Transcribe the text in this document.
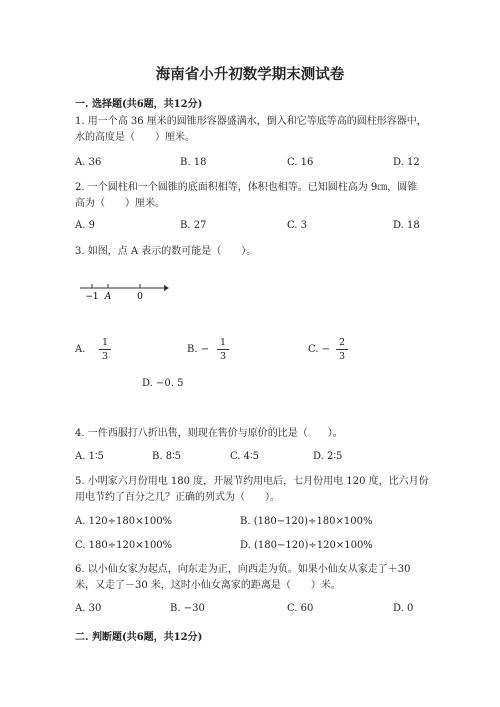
海南省小升初数学期末测试卷
一. 选择题(共6题，共12分)
1. 用一个高 36 厘米的圆锥形容器盛满水，倒入和它等底等高的圆柱形容器中，
水的高度是（　　）厘米。
A. 36	B. 18	C. 16	D. 12
2. 一个圆柱和一个圆锥的底面积相等，体积也相等。已知圆柱高为 9㎝，圆锥
高为（　　）厘米。
A. 9	B. 27	C. 3	D. 18
3. 如图，点 A 表示的数可能是（　　）。
−1 A	0
A.
1
3
B. −
1
3
C. −
2
3
D. −0. 5
4. 一件西服打八折出售，则现在售价与原价的比是（　　）。
A. 1∶5	B. 8∶5	C. 4∶5	D. 2∶5
5. 小明家六月份用电 180 度，开展节约用电后，七月份用电 120 度，比六月份
用电节约了百分之几？正确的列式为（　　）。
A. 120÷180×100%	B. (180−120)÷180×100%
C. 180÷120×100%	D. (180−120)÷120×100%
6. 以小仙女家为起点，向东走为正，向西走为负。如果小仙女从家走了＋30
米，又走了－30 米，这时小仙女离家的距离是（　　）米。
A. 30	B. −30	C. 60	D. 0
二. 判断题(共6题，共12分)
